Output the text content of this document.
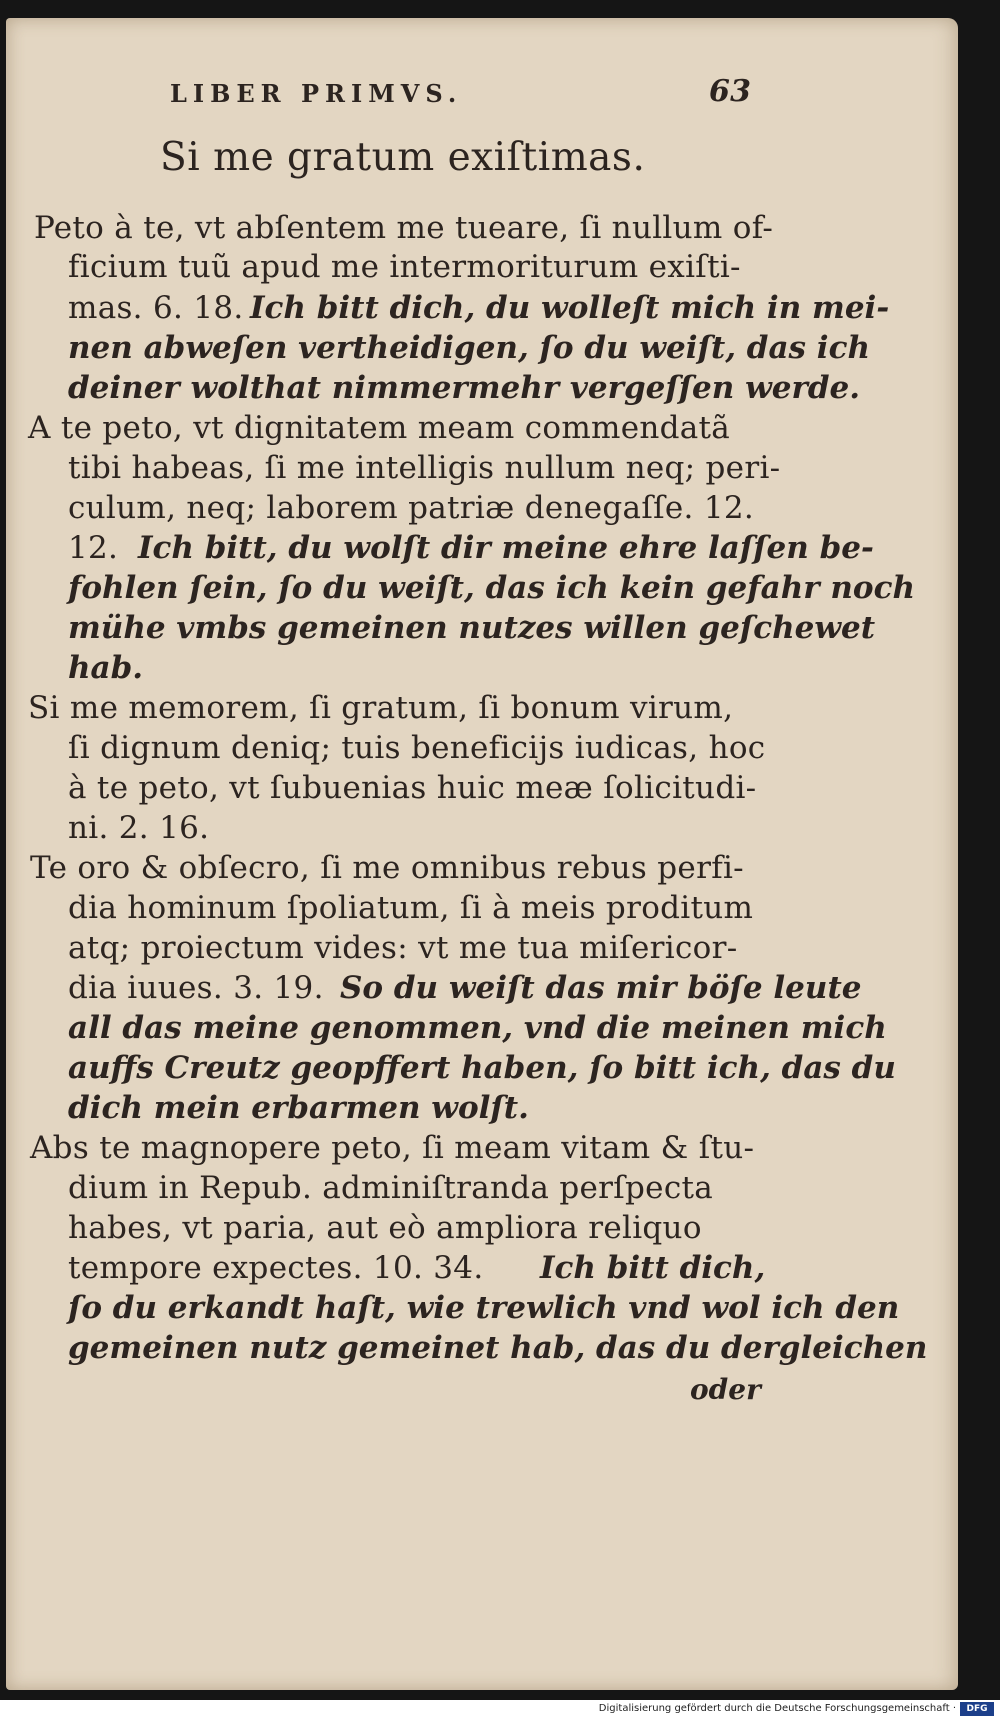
LIBER PRIMVS.	63
Si me gratum exiſtimas.
Peto à te, vt abſentem me tueare, ſi nullum of-
ficium tuũ apud me intermoriturum exiſti-
mas. 6. 18. Ich bitt dich, du wolleſt mich in mei-
nen abweſen vertheidigen, ſo du weiſt, das ich
deiner wolthat nimmermehr vergeſſen werde.
A te peto, vt dignitatem meam commendatã
tibi habeas, ſi me intelligis nullum neq; peri-
culum, neq; laborem patriæ denegaſſe. 12.
12. Ich bitt, du wolſt dir meine ehre laſſen be-
fohlen ſein, ſo du weiſt, das ich kein gefahr noch
mühe vmbs gemeinen nutzes willen geſchewet
hab.
Si me memorem, ſi gratum, ſi bonum virum,
ſi dignum deniq; tuis beneficijs iudicas, hoc
à te peto, vt ſubuenias huic meæ ſolicitudi-
ni. 2. 16.
Te oro & obſecro, ſi me omnibus rebus perfi-
dia hominum ſpoliatum, ſi à meis proditum
atq; proiectum vides: vt me tua miſericor-
dia iuues. 3. 19. So du weiſt das mir böſe leute
all das meine genommen, vnd die meinen mich
auffs Creutz geopffert haben, ſo bitt ich, das du
dich mein erbarmen wolſt.
Abs te magnopere peto, ſi meam vitam & ſtu-
dium in Repub. adminiſtranda perſpecta
habes, vt paria, aut eò ampliora reliquo
tempore expectes. 10. 34. Ich bitt dich,
ſo du erkandt haſt, wie trewlich vnd wol ich den
gemeinen nutz gemeinet hab, das du dergleichen
oder
Digitalisierung gefördert durch die Deutsche Forschungsgemeinschaft ·	DFG
